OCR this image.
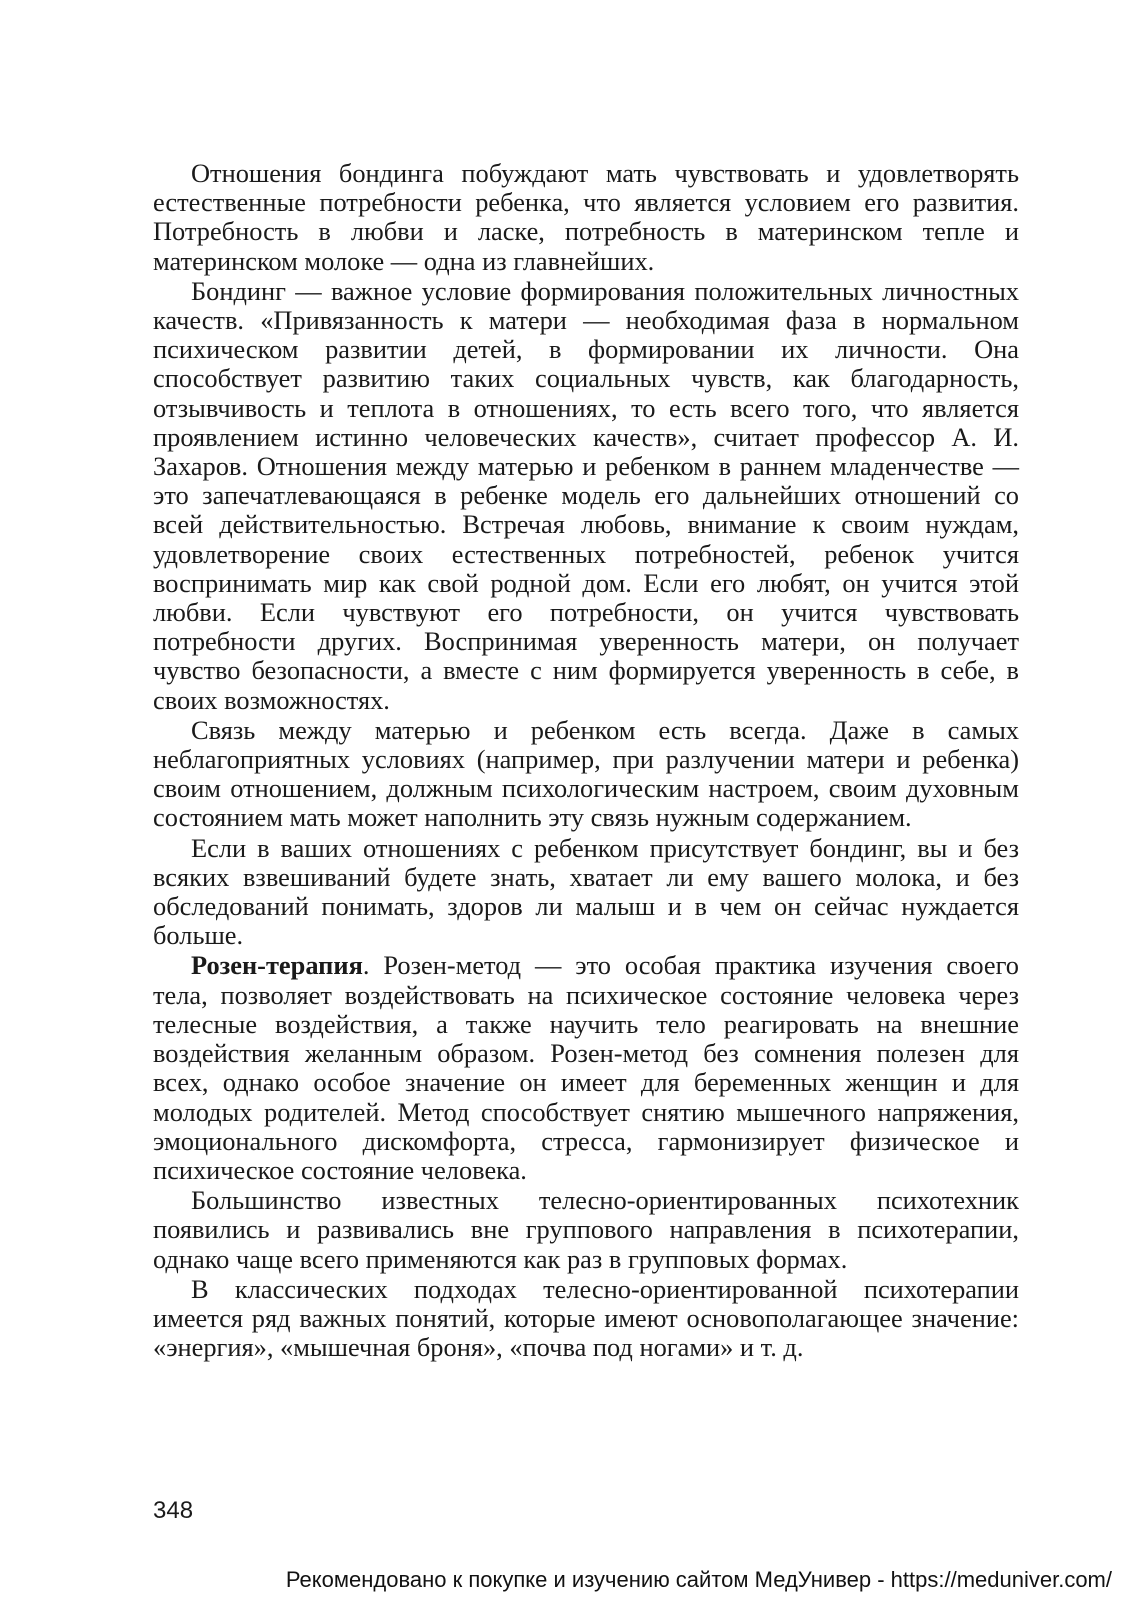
Отношения бондинга побуждают мать чувствовать и удовлетворять естественные потребности ребенка, что является условием его развития. Потребность в любви и ласке, потребность в материнском тепле и материнском молоке — одна из главнейших.

Бондинг — важное условие формирования положительных личностных качеств. «Привязанность к матери — необходимая фаза в нормальном психическом развитии детей, в формировании их личности. Она способствует развитию таких социальных чувств, как благодарность, отзывчивость и теплота в отношениях, то есть всего того, что является проявлением истинно человеческих качеств», считает профессор А. И. Захаров. Отношения между матерью и ребенком в раннем младенчестве — это запечатлевающаяся в ребенке модель его дальнейших отношений со всей действительностью. Встречая любовь, внимание к своим нуждам, удовлетворение своих естественных потребностей, ребенок учится воспринимать мир как свой родной дом. Если его любят, он учится этой любви. Если чувствуют его потребности, он учится чувствовать потребности других. Воспринимая уверенность матери, он получает чувство безопасности, а вместе с ним формируется уверенность в себе, в своих возможностях.

Связь между матерью и ребенком есть всегда. Даже в самых неблагоприятных условиях (например, при разлучении матери и ребенка) своим отношением, должным психологическим настроем, своим духовным состоянием мать может наполнить эту связь нужным содержанием.

Если в ваших отношениях с ребенком присутствует бондинг, вы и без всяких взвешиваний будете знать, хватает ли ему вашего молока, и без обследований понимать, здоров ли малыш и в чем он сейчас нуждается больше.

Розен-терапия. Розен-метод — это особая практика изучения своего тела, позволяет воздействовать на психическое состояние человека через телесные воздействия, а также научить тело реагировать на внешние воздействия желанным образом. Розен-метод без сомнения полезен для всех, однако особое значение он имеет для беременных женщин и для молодых родителей. Метод способствует снятию мышечного напряжения, эмоционального дискомфорта, стресса, гармонизирует физическое и психическое состояние человека.

Большинство известных телесно-ориентированных психотехник появились и развивались вне группового направления в психотерапии, однако чаще всего применяются как раз в групповых формах.

В классических подходах телесно-ориентированной психотерапии имеется ряд важных понятий, которые имеют основополагающее значение: «энергия», «мышечная броня», «почва под ногами» и т. д.

348
Рекомендовано к покупке и изучению сайтом МедУнивер - https://meduniver.com/
